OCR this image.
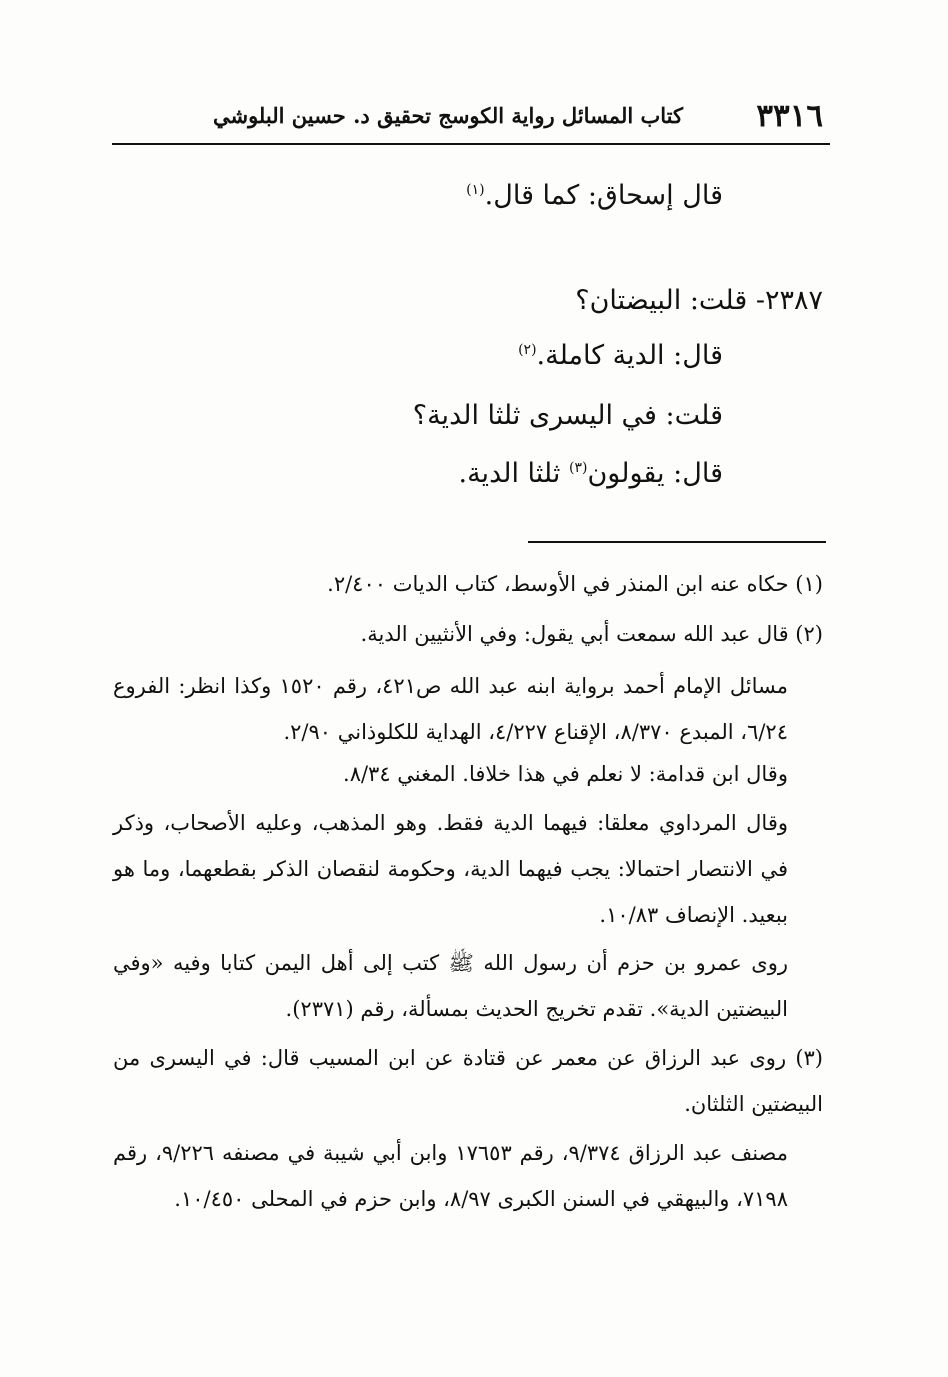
٣٣١٦
كتاب المسائل رواية الكوسج تحقيق د. حسين البلوشي
قال إسحاق: كما قال.$^{(١)}$
٢٣٨٧- قلت: البيضتان؟
قال: الدية كاملة.$^{(٢)}$
قلت: في اليسرى ثلثا الدية؟
قال: يقولون$^{(٣)}$ ثلثا الدية.
(١) حكاه عنه ابن المنذر في الأوسط، كتاب الديات ٢/٤٠٠.
(٢) قال عبد الله سمعت أبي يقول: وفي الأنثيين الدية.
مسائل الإمام أحمد برواية ابنه عبد الله ص٤٢١، رقم ١٥٢٠ وكذا انظر: الفروع ٦/٢٤، المبدع ٨/٣٧٠، الإقناع ٤/٢٢٧، الهداية للكلوذاني ٢/٩٠.
وقال ابن قدامة: لا نعلم في هذا خلافا. المغني ٨/٣٤.
وقال المرداوي معلقا: فيهما الدية فقط. وهو المذهب، وعليه الأصحاب، وذكر في الانتصار احتمالا: يجب فيهما الدية، وحكومة لنقصان الذكر بقطعهما، وما هو ببعيد. الإنصاف ١٠/٨٣.
روى عمرو بن حزم أن رسول الله ﷺ كتب إلى أهل اليمن كتابا وفيه «وفي البيضتين الدية». تقدم تخريج الحديث بمسألة، رقم (٢٣٧١).
(٣) روى عبد الرزاق عن معمر عن قتادة عن ابن المسيب قال: في اليسرى من البيضتين الثلثان.
مصنف عبد الرزاق ٩/٣٧٤، رقم ١٧٦٥٣ وابن أبي شيبة في مصنفه ٩/٢٢٦، رقم ٧١٩٨، والبيهقي في السنن الكبرى ٨/٩٧، وابن حزم في المحلى ١٠/٤٥٠.
